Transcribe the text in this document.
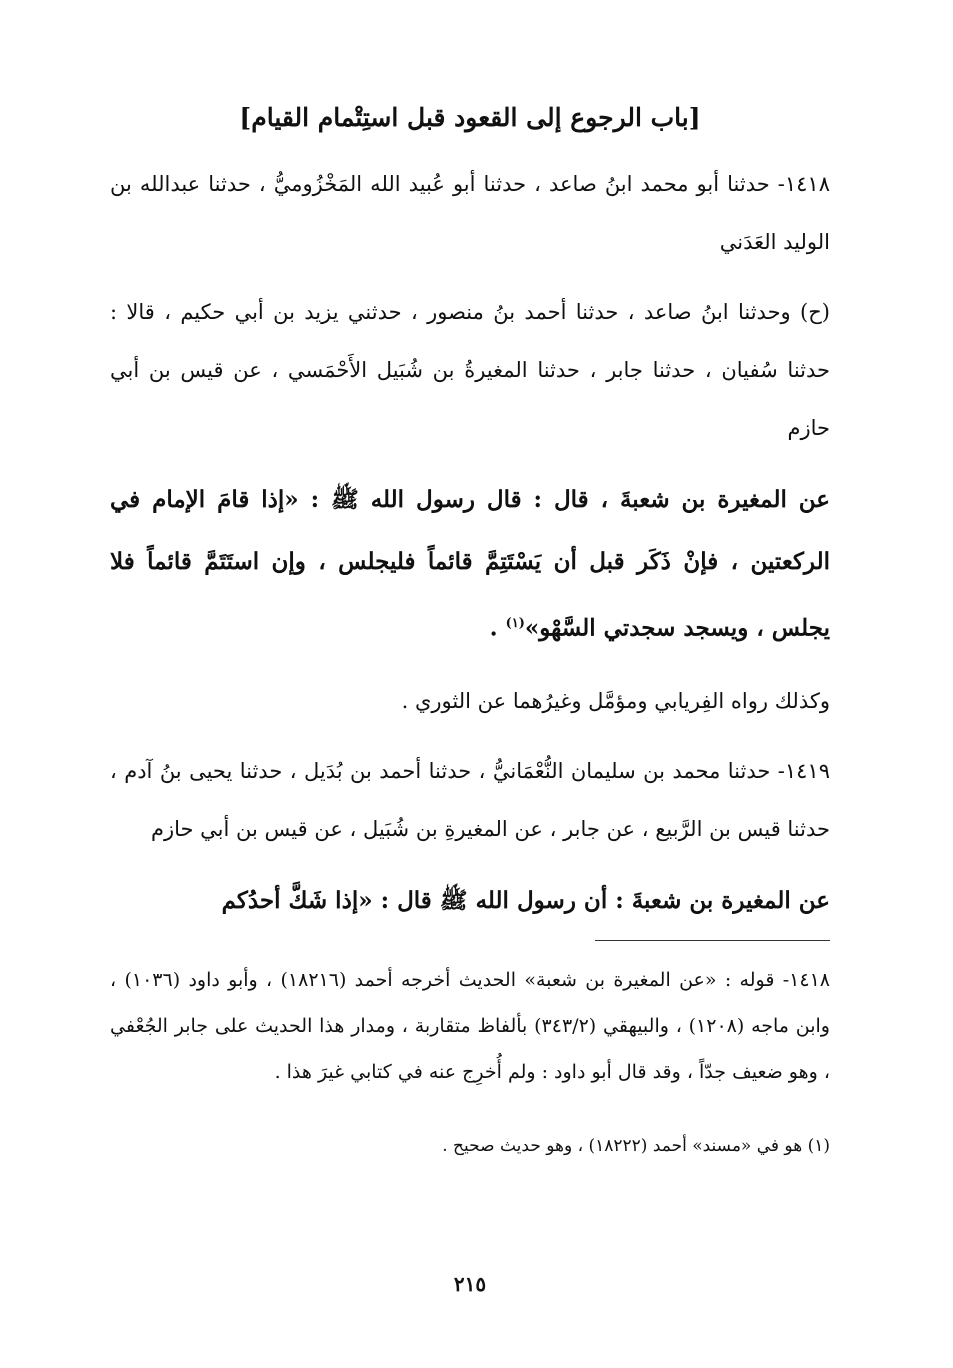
[باب الرجوع إلى القعود قبل استِتْمام القيام]

١٤١٨- حدثنا أبو محمد ابنُ صاعد ، حدثنا أبو عُبيد الله المَخْزُوميُّ ، حدثنا عبدالله بن الوليد العَدَني

(ح) وحدثنا ابنُ صاعد ، حدثنا أحمد بنُ منصور ، حدثني يزيد بن أبي حكيم ، قالا : حدثنا سُفيان ، حدثنا جابر ، حدثنا المغيرةُ بن شُبَيل الأَحْمَسي ، عن قيس بن أبي حازم

عن المغيرة بن شعبةَ ، قال : قال رسول الله ﷺ : «إذا قامَ الإمام في الركعتين ، فإنْ ذَكَر قبل أن يَسْتَتِمَّ قائماً فليجلس ، وإن استَتَمَّ قائماً فلا يجلس ، ويسجد سجدتي السَّهْو»$^{(١)}$ .

وكذلك رواه الفِريابي ومؤمَّل وغيرُهما عن الثوري .

١٤١٩- حدثنا محمد بن سليمان النُّعْمَانيُّ ، حدثنا أحمد بن بُدَيل ، حدثنا يحيى بنُ آدم ، حدثنا قيس بن الرَّبيع ، عن جابر ، عن المغيرةِ بن شُبَيل ، عن قيس بن أبي حازم

عن المغيرة بن شعبةَ : أن رسول الله ﷺ قال : «إذا شَكَّ أحدُكم

١٤١٨- قوله : «عن المغيرة بن شعبة» الحديث أخرجه أحمد (١٨٢١٦) ، وأبو داود (١٠٣٦) ، وابن ماجه (١٢٠٨) ، والبيهقي (٣٤٣/٢) بألفاظ متقاربة ، ومدار هذا الحديث على جابر الجُعْفي ، وهو ضعيف جدّاً ، وقد قال أبو داود : ولم أُخرِج عنه في كتابي غيرَ هذا .

(١) هو في «مسند» أحمد (١٨٢٢٢) ، وهو حديث صحيح .

٢١٥
